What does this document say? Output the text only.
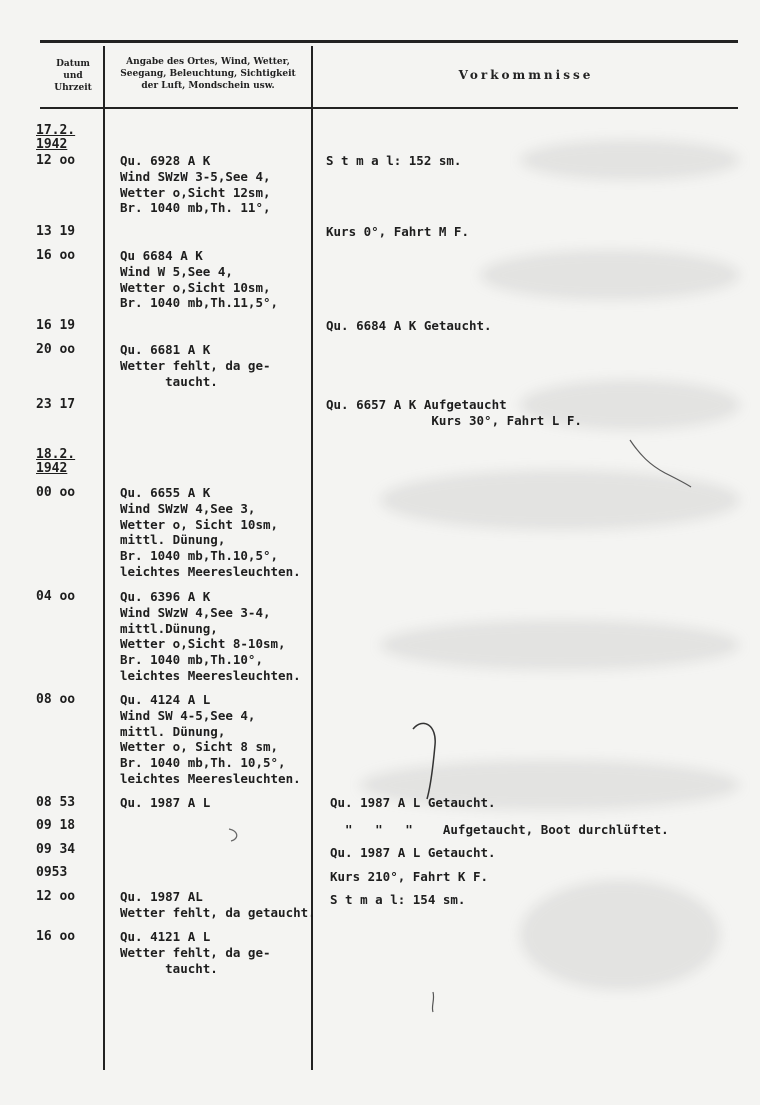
Datum
und
Uhrzeit
Angabe des Ortes, Wind, Wetter,
Seegang, Beleuchtung, Sichtigkeit
der Luft, Mondschein usw.
Vorkommnisse
17.2.
1942
18.2.
1942
12 oo
13 19
16 oo
16 19
20 oo
23 17
00 oo
04 oo
08 oo
08 53
09 18
09 34
0953
12 oo
16 oo
Qu. 6928 A K
Wind SWzW 3-5,See 4,
Wetter o,Sicht 12sm,
Br. 1040 mb,Th. 11°,
Qu 6684 A K
Wind W 5,See 4,
Wetter o,Sicht 10sm,
Br. 1040 mb,Th.11,5°,
Qu. 6681 A K
Wetter fehlt, da ge-
taucht.
Qu. 6655 A K
Wind SWzW 4,See 3,
Wetter o, Sicht 10sm,
mittl. Dünung,
Br. 1040 mb,Th.10,5°,
leichtes Meeresleuchten.
Qu. 6396 A K
Wind SWzW 4,See 3-4,
mittl.Dünung,
Wetter o,Sicht 8-10sm,
Br. 1040 mb,Th.10°,
leichtes Meeresleuchten.
Qu. 4124 A L
Wind SW 4-5,See 4,
mittl. Dünung,
Wetter o, Sicht 8 sm,
Br. 1040 mb,Th. 10,5°,
leichtes Meeresleuchten.
Qu. 1987 A L
Qu. 1987 AL
Wetter fehlt, da getaucht.
Qu. 4121 A L
Wetter fehlt, da ge-
taucht.
S t m a l: 152 sm.
Kurs 0°, Fahrt M F.
Qu. 6684 A K Getaucht.
Qu. 6657 A K Aufgetaucht
Kurs 30°, Fahrt L F.
Qu. 1987 A L Getaucht.
"   "   "    Aufgetaucht, Boot durchlüftet.
Qu. 1987 A L Getaucht.
Kurs 210°, Fahrt K F.
S t m a l: 154 sm.
